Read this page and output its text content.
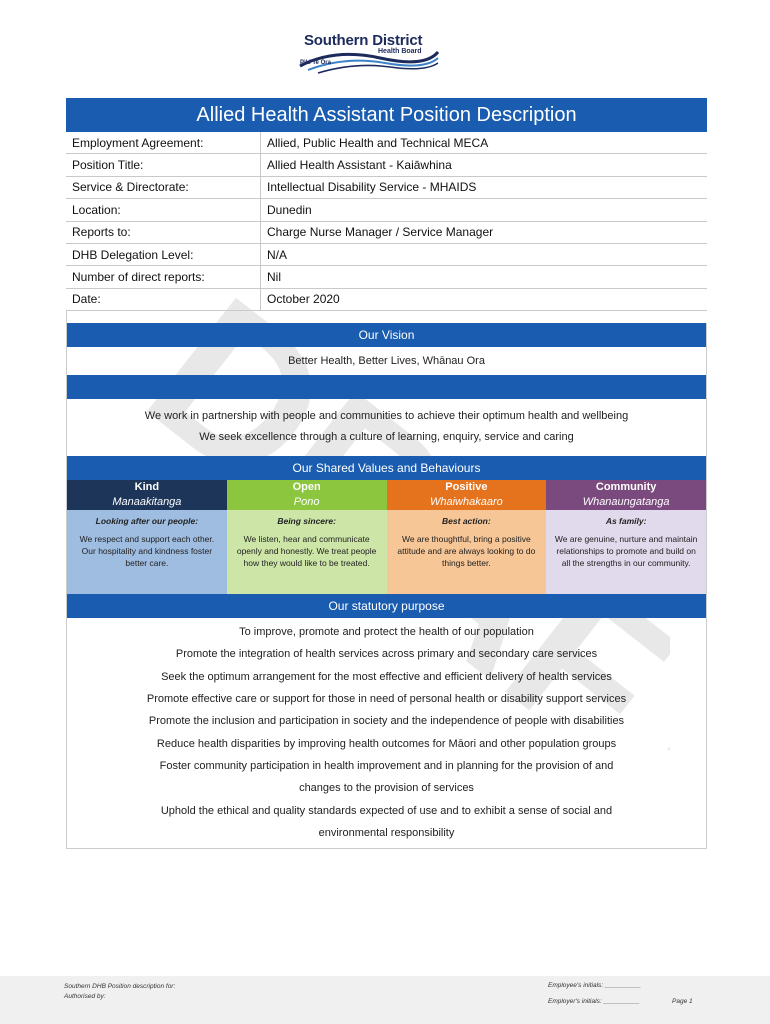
Southern District
Health Board
Piki Te Ora
Allied Health Assistant Position Description
Employment Agreement:	Allied, Public Health and Technical MECA
Position Title:	Allied Health Assistant - Kaiāwhina
Service & Directorate:	Intellectual Disability Service - MHAIDS
Location:	Dunedin
Reports to:	Charge Nurse Manager / Service Manager
DHB Delegation Level:	N/A
Number of direct reports:	Nil
Date:	October 2020
Our Vision
Better Health, Better Lives, Whānau Ora
We work in partnership with people and communities to achieve their optimum health and wellbeing
We seek excellence through a culture of learning, enquiry, service and caring
Our Shared Values and Behaviours
Kind
Manaakitanga
Looking after our people:
We respect and support each other. Our hospitality and kindness foster better care.
Open
Pono
Being sincere:
We listen, hear and communicate openly and honestly. We treat people how they would like to be treated.
Positive
Whaiwhakaaro
Best action:
We are thoughtful, bring a positive attitude and are always looking to do things better.
Community
Whanaungatanga
As family:
We are genuine, nurture and maintain relationships to promote and build on all the strengths in our community.
Our statutory purpose
To improve, promote and protect the health of our population
Promote the integration of health services across primary and secondary care services
Seek the optimum arrangement for the most effective and efficient delivery of health services
Promote effective care or support for those in need of personal health or disability support services
Promote the inclusion and participation in society and the independence of people with disabilities
Reduce health disparities by improving health outcomes for Māori and other population groups
Foster community participation in health improvement and in planning for the provision of and
changes to the provision of services
Uphold the ethical and quality standards expected of use and to exhibit a sense of social and
environmental responsibility
Southern DHB Position description for:
Authorised by:
Employee's initials: __________
Employer's initials: __________	Page 1
